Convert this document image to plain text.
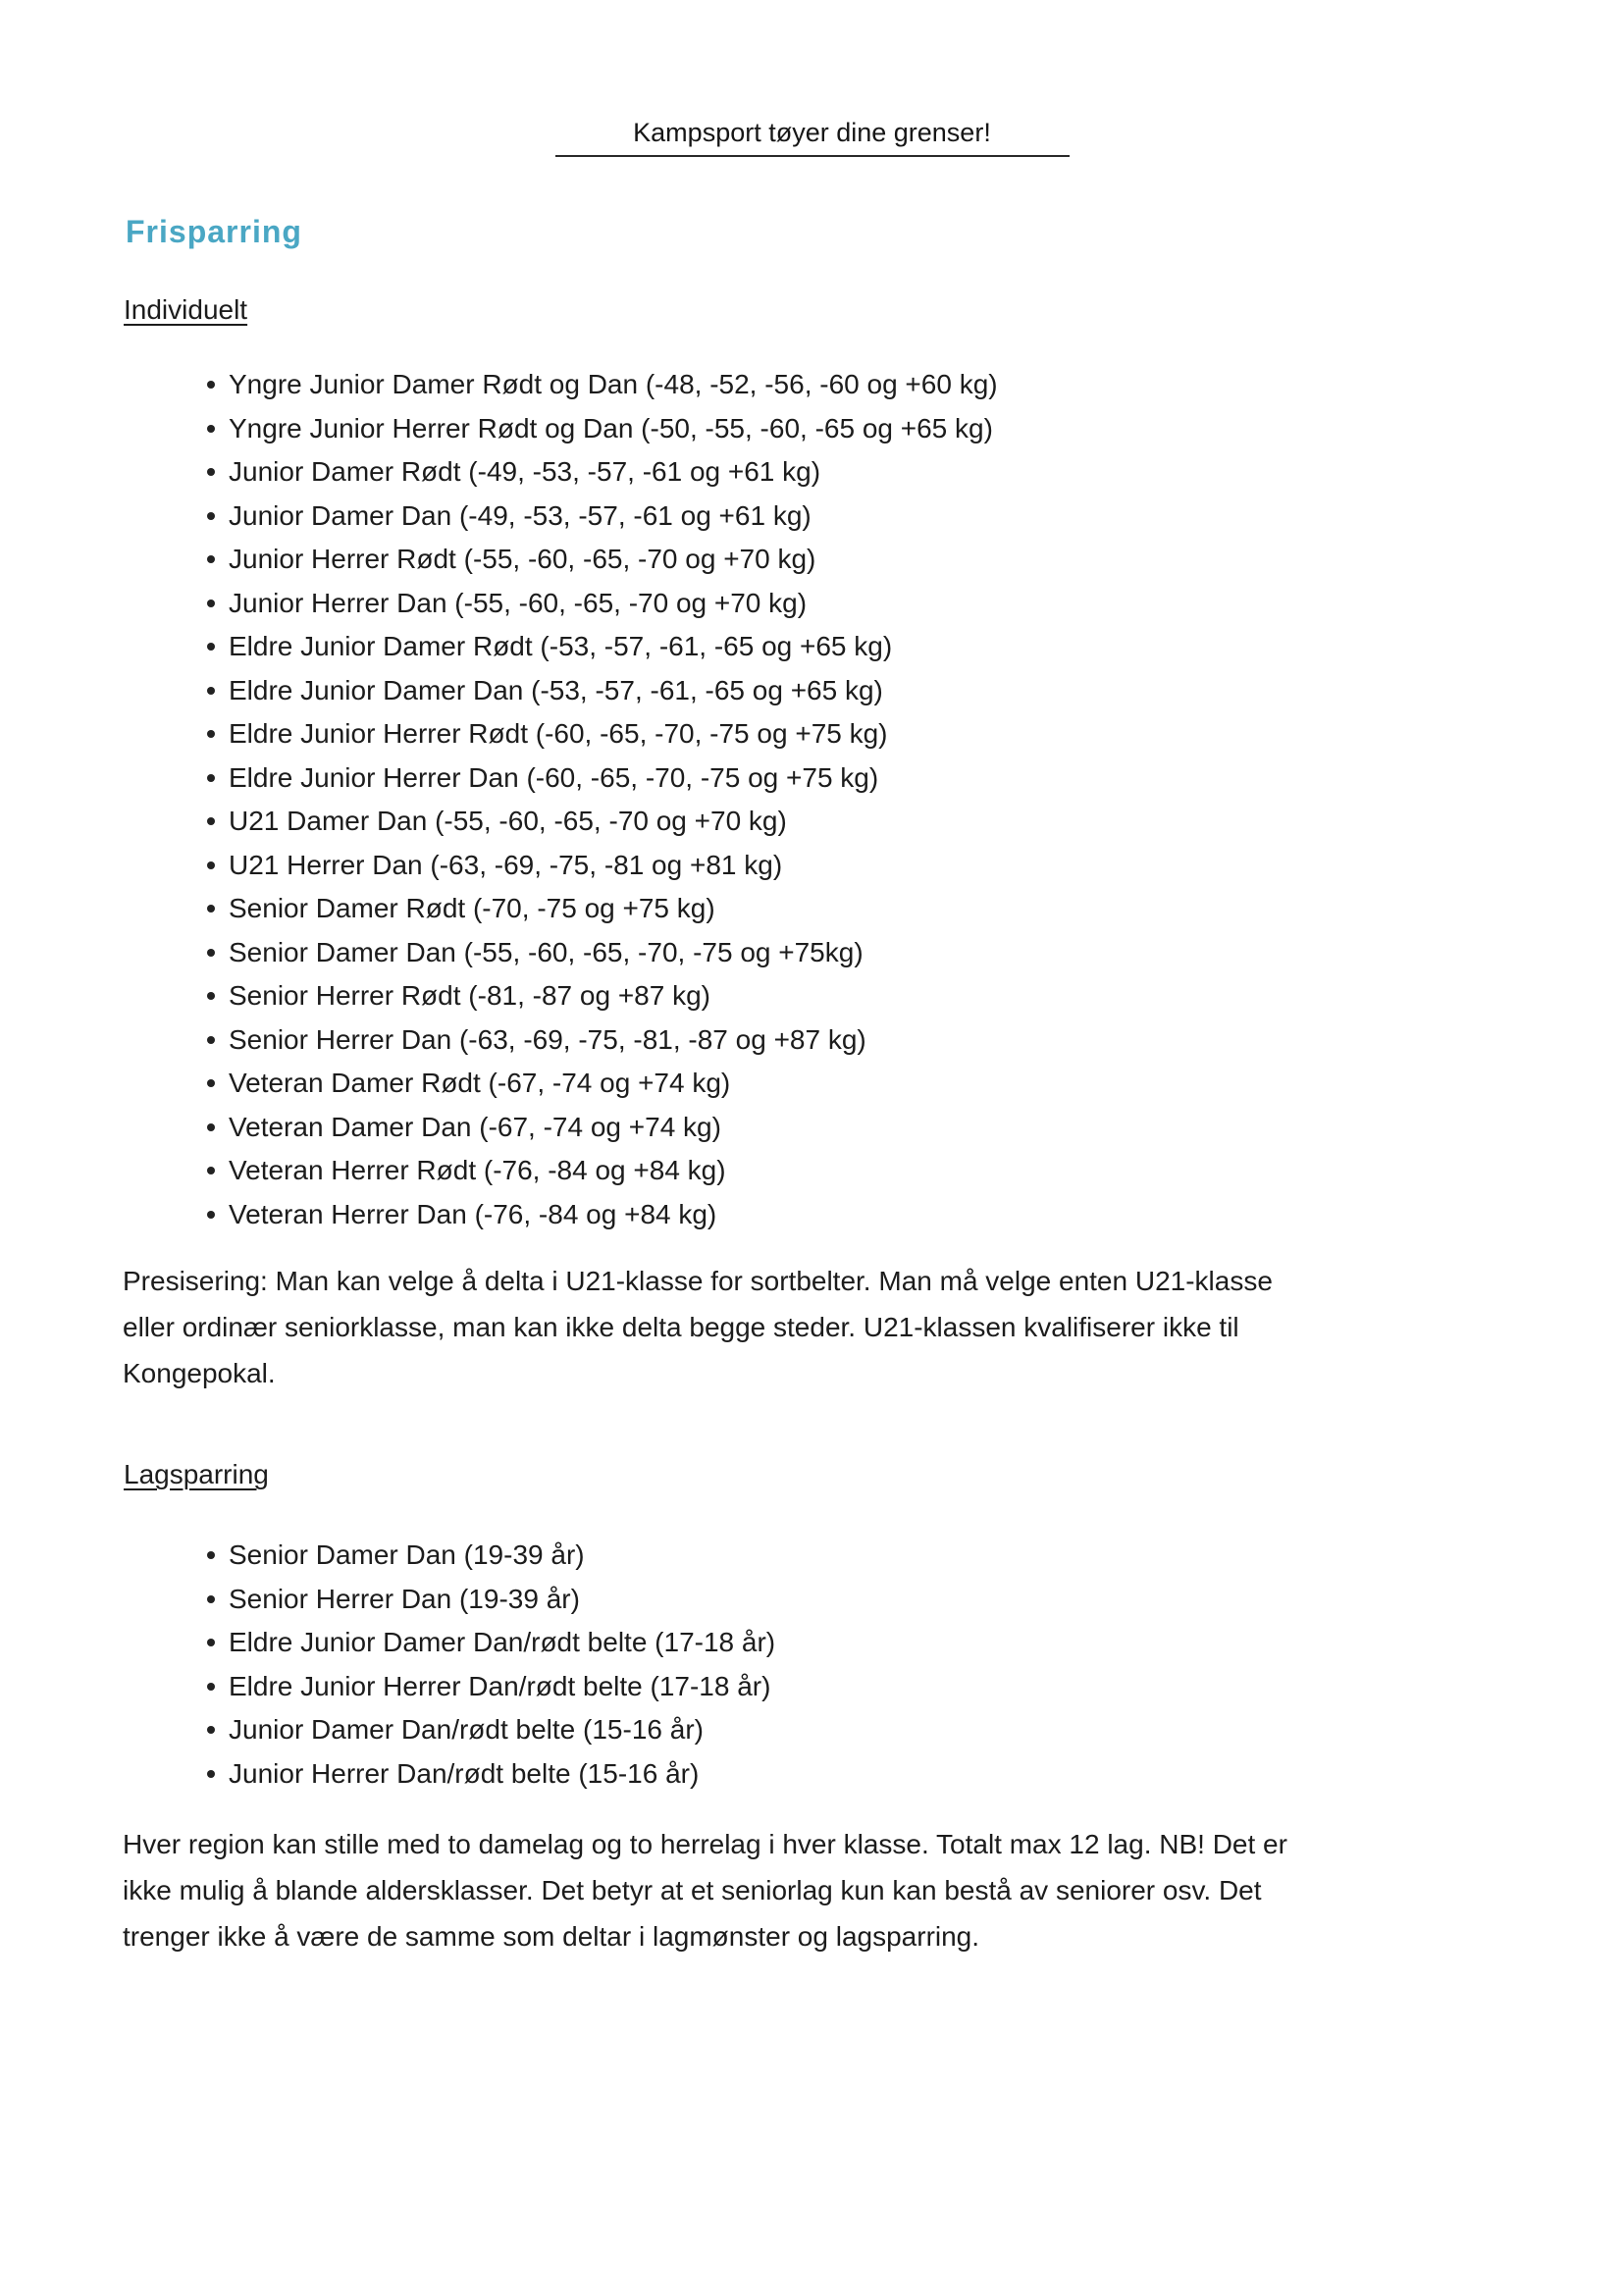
Kampsport tøyer dine grenser!
Frisparring
Individuelt
Yngre Junior Damer Rødt og Dan (-48, -52, -56, -60 og +60 kg)
Yngre Junior Herrer Rødt og Dan (-50, -55, -60, -65 og +65 kg)
Junior Damer Rødt (-49, -53, -57, -61 og +61 kg)
Junior Damer Dan (-49, -53, -57, -61 og +61 kg)
Junior Herrer Rødt (-55, -60, -65, -70 og +70 kg)
Junior Herrer Dan (-55, -60, -65, -70 og +70 kg)
Eldre Junior Damer Rødt (-53, -57, -61, -65 og +65 kg)
Eldre Junior Damer Dan (-53, -57, -61, -65 og +65 kg)
Eldre Junior Herrer Rødt (-60, -65, -70, -75 og +75 kg)
Eldre Junior Herrer Dan (-60, -65, -70, -75 og +75 kg)
U21 Damer Dan (-55, -60, -65, -70 og +70 kg)
U21 Herrer Dan (-63, -69, -75, -81 og +81 kg)
Senior Damer Rødt (-70, -75 og +75 kg)
Senior Damer Dan (-55, -60, -65, -70, -75 og +75kg)
Senior Herrer Rødt (-81, -87 og +87 kg)
Senior Herrer Dan (-63, -69, -75, -81, -87 og +87 kg)
Veteran Damer Rødt (-67, -74 og +74 kg)
Veteran Damer Dan (-67, -74 og +74 kg)
Veteran Herrer Rødt (-76, -84 og +84 kg)
Veteran Herrer Dan (-76, -84 og +84 kg)
Presisering: Man kan velge å delta i U21-klasse for sortbelter. Man må velge enten U21-klasse
eller ordinær seniorklasse, man kan ikke delta begge steder. U21-klassen kvalifiserer ikke til
Kongepokal.
Lagsparring
Senior Damer Dan (19-39 år)
Senior Herrer Dan (19-39 år)
Eldre Junior Damer Dan/rødt belte (17-18 år)
Eldre Junior Herrer Dan/rødt belte (17-18 år)
Junior Damer Dan/rødt belte (15-16 år)
Junior Herrer Dan/rødt belte (15-16 år)
Hver region kan stille med to damelag og to herrelag i hver klasse. Totalt max 12 lag. NB! Det er
ikke mulig å blande aldersklasser. Det betyr at et seniorlag kun kan bestå av seniorer osv. Det
trenger ikke å være de samme som deltar i lagmønster og lagsparring.
